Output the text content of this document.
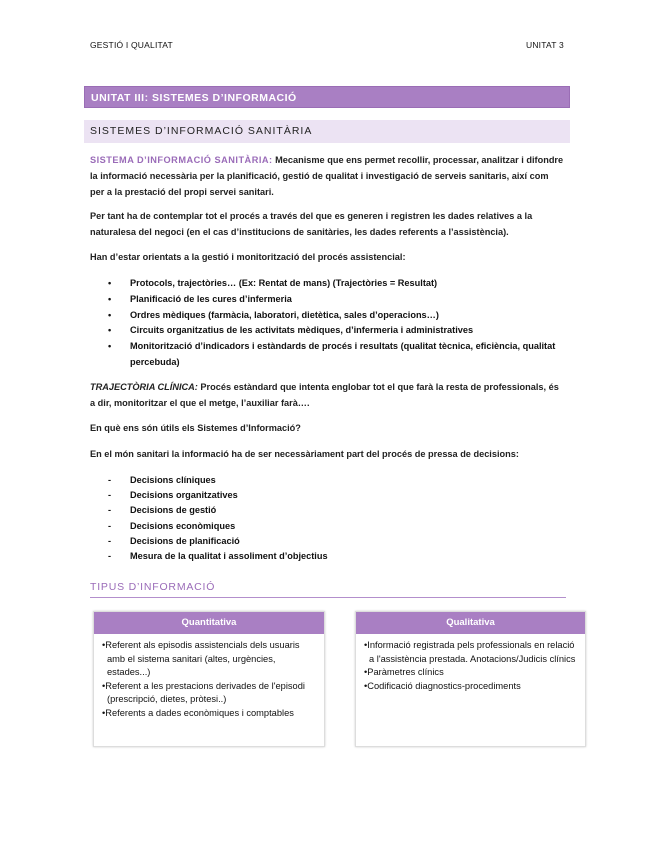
GESTIÓ I QUALITAT	UNITAT 3
UNITAT III: SISTEMES D’INFORMACIÓ
SISTEMES D’INFORMACIÓ SANITÀRIA
SISTEMA D’INFORMACIÓ SANITÀRIA: Mecanisme que ens permet recollir, processar, analitzar i difondre la informació necessària per la planificació, gestió de qualitat i investigació de serveis sanitaris, així com per a la prestació del propi servei sanitari.
Per tant ha de contemplar tot el procés a través del que es generen i registren les dades relatives a la naturalesa del negoci (en el cas d’institucions de sanitàries, les dades referents a l’assistència).
Han d’estar orientats a la gestió i monitorització del procés assistencial:
• Protocols, trajectòries… (Ex: Rentat de mans) (Trajectòries = Resultat)
• Planificació de les cures d’infermeria
• Ordres mèdiques (farmàcia, laboratori, dietètica, sales d’operacions…)
• Circuits organitzatius de les activitats mèdiques, d’infermeria i administratives
• Monitorització d’indicadors i estàndards de procés i resultats (qualitat tècnica, eficiència, qualitat percebuda)
TRAJECTÒRIA CLÍNICA: Procés estàndard que intenta englobar tot el que farà la resta de professionals, és a dir, monitoritzar el que el metge, l’auxiliar farà….
En què ens són útils els Sistemes d’Informació?
En el món sanitari la informació ha de ser necessàriament part del procés de pressa de decisions:
- Decisions clíniques
- Decisions organitzatives
- Decisions de gestió
- Decisions econòmiques
- Decisions de planificació
- Mesura de la qualitat i assoliment d’objectius
TIPUS D’INFORMACIÓ
Quantitativa
•Referent als episodis assistencials dels usuaris amb el sistema sanitari (altes, urgències, estades...)
•Referent a les prestacions derivades de l'episodi (prescripció, dietes, pròtesi..)
•Referents a dades econòmiques i comptables
Qualitativa
•Informació registrada pels professionals en relació a l'assistència prestada. Anotacions/Judicis clínics
•Paràmetres clínics
•Codificació diagnostics-procediments
